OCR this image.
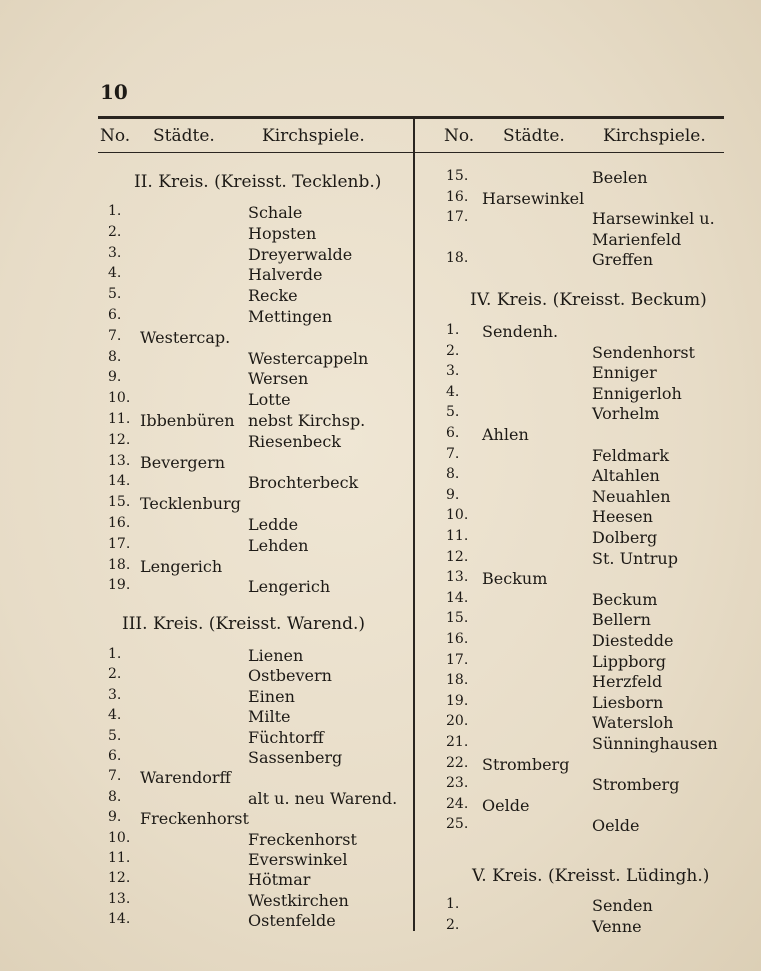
10
No. Städte.	Kirchspiele.	No. Städte. Kirchspiele.
II. Kreis. (Kreisst. Tecklenb.)
III. Kreis. (Kreisst. Warend.)
IV. Kreis. (Kreisst. Beckum)
V. Kreis. (Kreisst. Lüdingh.)
1.	Schale
2.	Hopsten
3.	Dreyerwalde
4.	Halverde
5.	Recke
6.	Mettingen
7. Westercap.
8.	Westercappeln
9.	Wersen
10.	Lotte
11. Ibbenbüren nebst Kirchsp.
12.	Riesenbeck
13. Bevergern
14.	Brochterbeck
15. Tecklenburg
16.	Ledde
17.	Lehden
18. Lengerich
19.	Lengerich
1.	Lienen
2.	Ostbevern
3.	Einen
4.	Milte
5.	Füchtorff
6.	Sassenberg
7. Warendorff
8.	alt u. neu Warend.
9. Freckenhorst
10.	Freckenhorst
11.	Everswinkel
12.	Hötmar
13.	Westkirchen
14.	Ostenfelde
15.	Beelen
16. Harsewinkel
17.	Harsewinkel u.
Marienfeld
18.	Greffen
1. Sendenh.
2.	Sendenhorst
3.	Enniger
4.	Ennigerloh
5.	Vorhelm
6. Ahlen
7.	Feldmark
8.	Altahlen
9.	Neuahlen
10.	Heesen
11.	Dolberg
12.	St. Untrup
13. Beckum
14.	Beckum
15.	Bellern
16.	Diestedde
17.	Lippborg
18.	Herzfeld
19.	Liesborn
20.	Watersloh
21.	Sünninghausen
22. Stromberg
23.	Stromberg
24. Oelde
25.	Oelde
1.	Senden
2.	Venne
